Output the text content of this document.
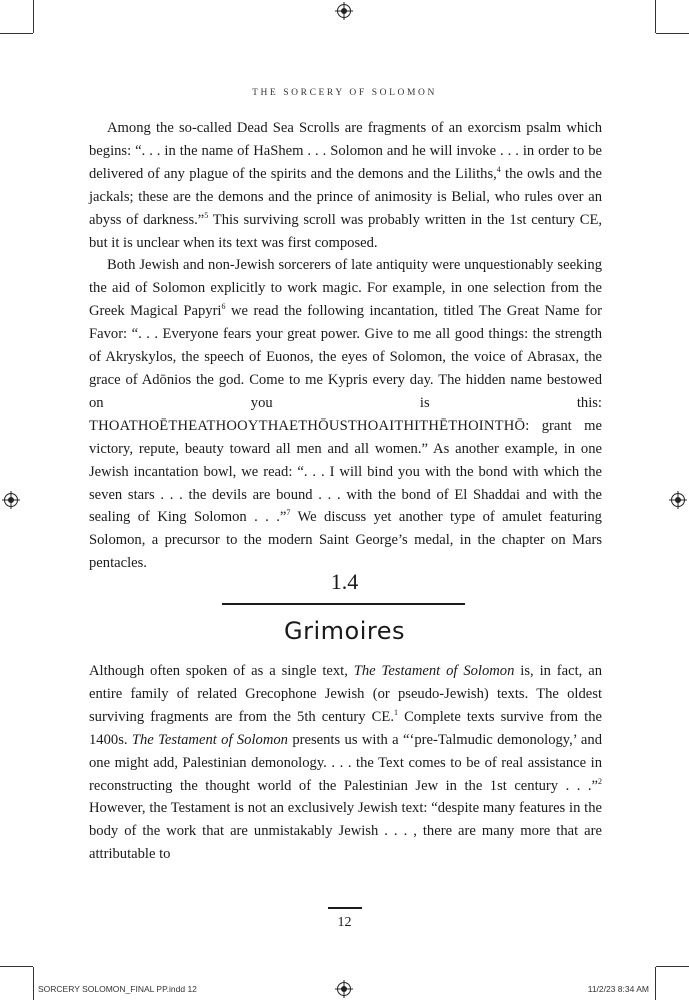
THE SORCERY OF SOLOMON

Among the so-called Dead Sea Scrolls are fragments of an exorcism psalm which begins: “. . . in the name of HaShem . . . Solomon and he will invoke . . . in order to be delivered of any plague of the spirits and the demons and the Liliths,$^4$ the owls and the jackals; these are the demons and the prince of animosity is Belial, who rules over an abyss of darkness.”$^5$ This surviving scroll was probably written in the 1st century CE, but it is unclear when its text was first composed.

Both Jewish and non-Jewish sorcerers of late antiquity were unquestionably seeking the aid of Solomon explicitly to work magic. For example, in one selection from the Greek Magical Papyri$^6$ we read the following incantation, titled The Great Name for Favor: “. . . Everyone fears your great power. Give to me all good things: the strength of Akryskylos, the speech of Euonos, the eyes of Solomon, the voice of Abrasax, the grace of Adōnios the god. Come to me Kypris every day. The hidden name bestowed on you is this: THOATHOĒTHEATHOOYTHAETHŌUSTHOAITHITHĒTHOINTHŌ: grant me victory, repute, beauty toward all men and all women.” As another example, in one Jewish incantation bowl, we read: “. . . I will bind you with the bond with which the seven stars . . . the devils are bound . . . with the bond of El Shaddai and with the sealing of King Solomon . . .”$^7$ We discuss yet another type of amulet featuring Solomon, a precursor to the modern Saint George’s medal, in the chapter on Mars pentacles.

1.4
Grimoires

Although often spoken of as a single text, The Testament of Solomon is, in fact, an entire family of related Grecophone Jewish (or pseudo-Jewish) texts. The oldest surviving fragments are from the 5th century CE.$^1$ Complete texts survive from the 1400s. The Testament of Solomon presents us with a “‘pre-Talmudic demonology,’ and one might add, Palestinian demonology. . . . the Text comes to be of real assistance in reconstructing the thought world of the Palestinian Jew in the 1st century . . .”$^2$ However, the Testament is not an exclusively Jewish text: “despite many features in the body of the work that are unmistakably Jewish . . . , there are many more that are attributable to

12
SORCERY SOLOMON_FINAL PP.indd 12	11/2/23 8:34 AM
